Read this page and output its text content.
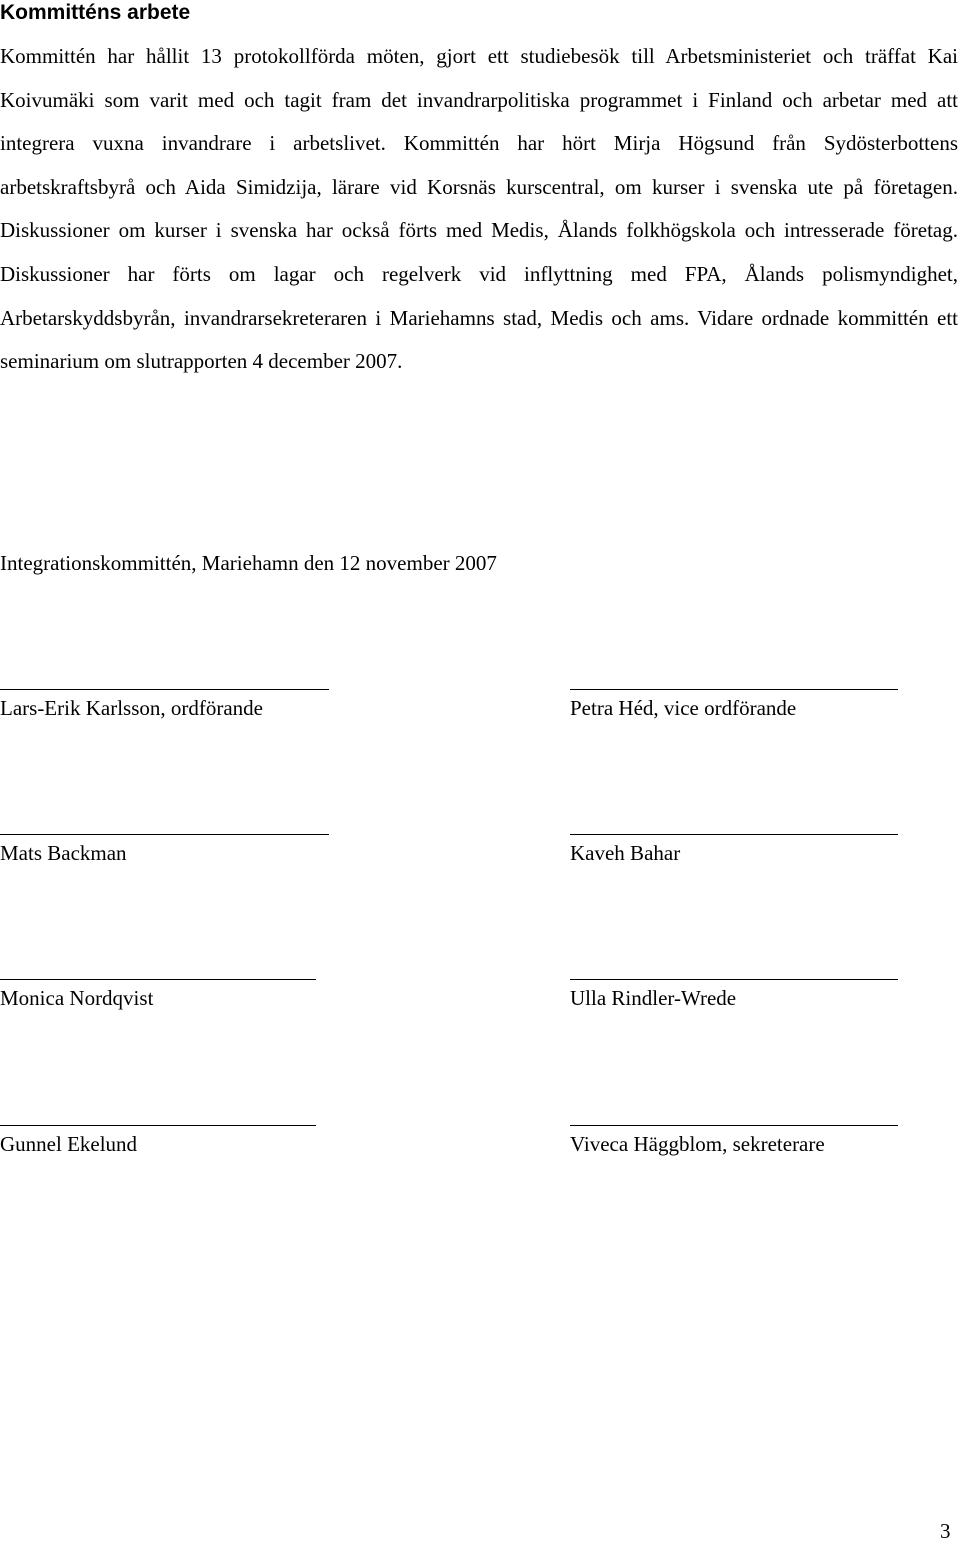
Kommitténs arbete

Kommittén har hållit 13 protokollförda möten, gjort ett studiebesök till Arbetsministeriet och träffat Kai Koivumäki som varit med och tagit fram det invandrarpolitiska programmet i Finland och arbetar med att integrera vuxna invandrare i arbetslivet. Kommittén har hört Mirja Högsund från Sydösterbottens arbetskraftsbyrå och Aida Simidzija, lärare vid Korsnäs kurscentral, om kurser i svenska ute på företagen. Diskussioner om kurser i svenska har också förts med Medis, Ålands folkhögskola och intresserade företag. Diskussioner har förts om lagar och regelverk vid inflyttning med FPA, Ålands polismyndighet, Arbetarskyddsbyrån, invandrarsekreteraren i Mariehamns stad, Medis och ams. Vidare ordnade kommittén ett seminarium om slutrapporten 4 december 2007.

Integrationskommittén, Mariehamn den 12 november 2007

Lars-Erik Karlsson, ordförande	Petra Héd, vice ordförande
Mats Backman	Kaveh Bahar
Monica Nordqvist	Ulla Rindler-Wrede
Gunnel Ekelund	Viveca Häggblom, sekreterare
3
